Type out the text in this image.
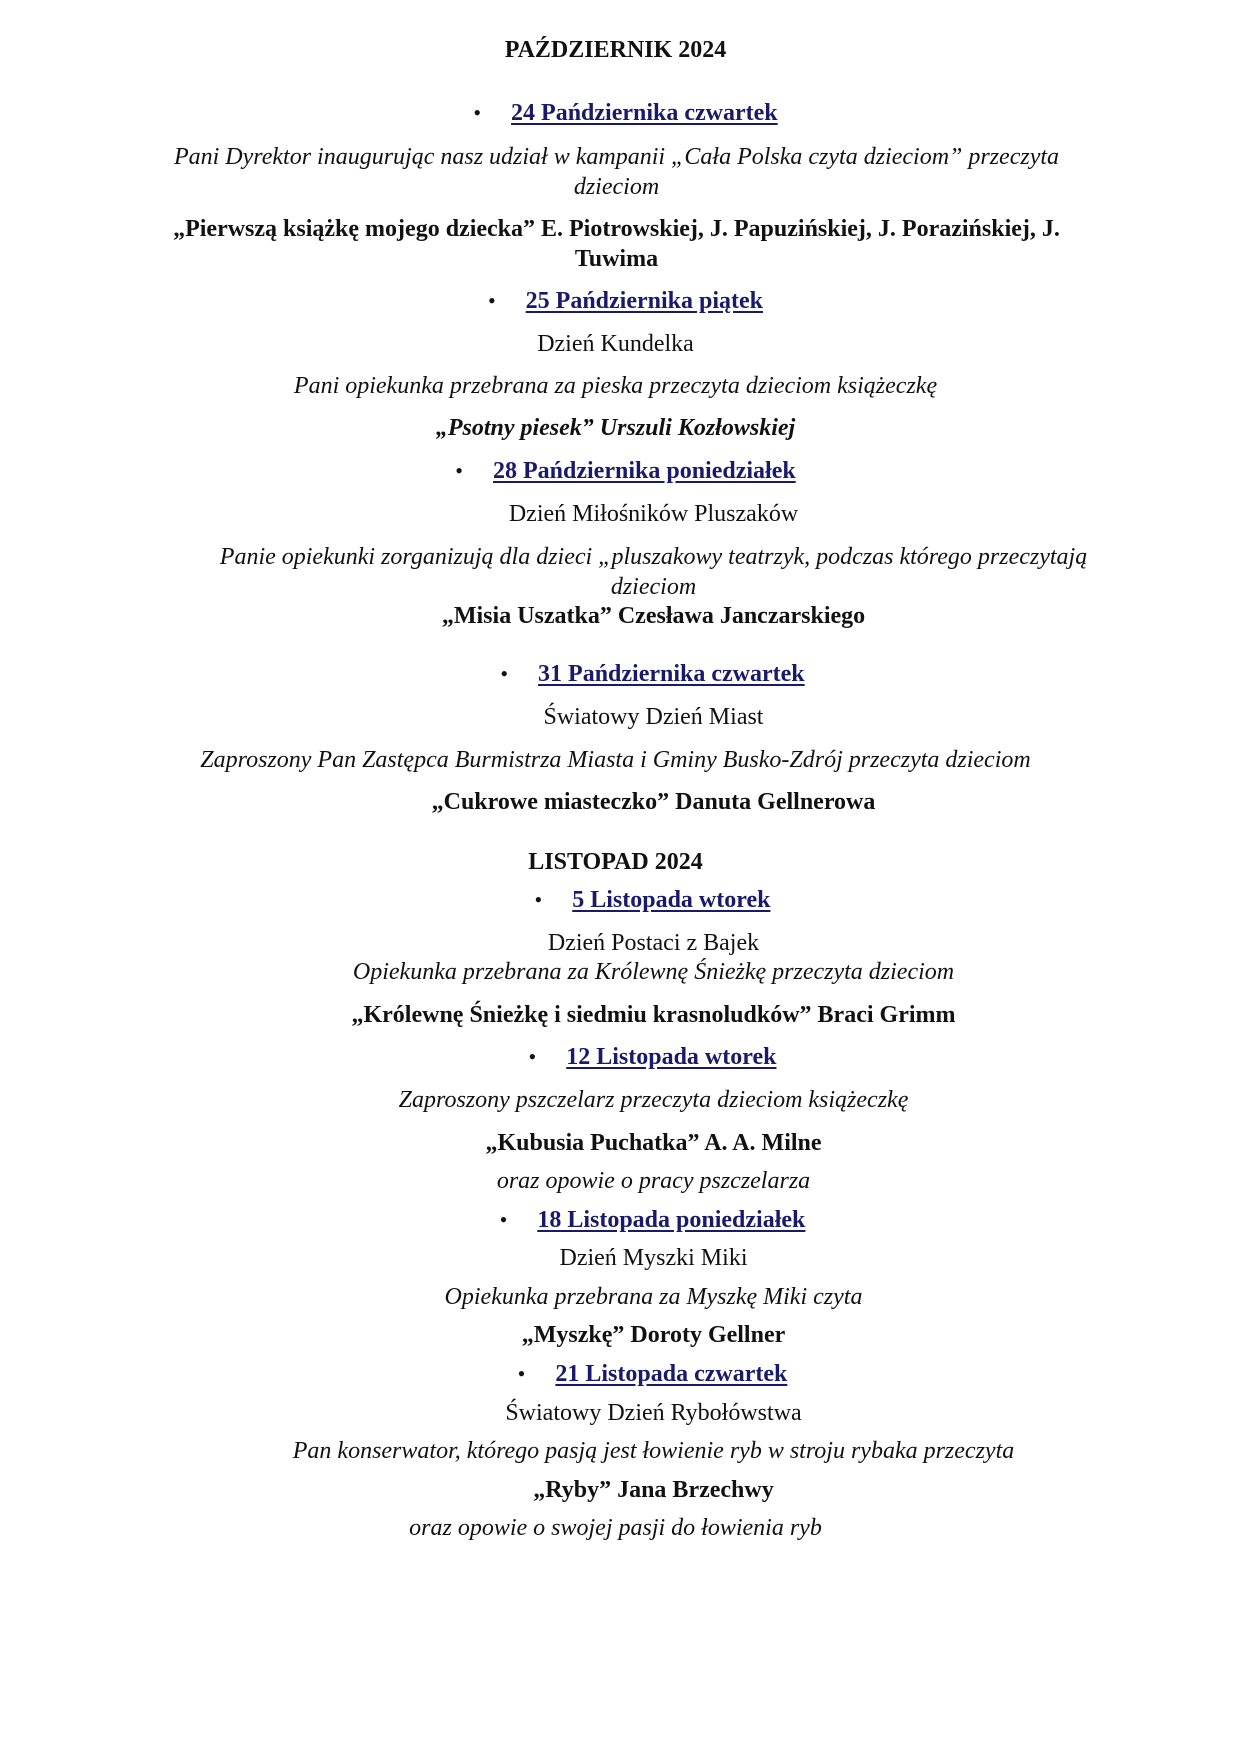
PAŹDZIERNIK 2024
• 24 Pańdziernika czwartek
Pani Dyrektor inaugurując nasz udział w kampanii „Cała Polska czyta dzieciom” przeczyta
dzieciom
„Pierwszą książkę mojego dziecka” E. Piotrowskiej, J. Papuzińskiej, J. Porazińskiej, J.
Tuwima
• 25 Pańdziernika piątek
Dzień Kundelka
Pani opiekunka przebrana za pieska przeczyta dzieciom książeczkę
„Psotny piesek” Urszuli Kozłowskiej
• 28 Pańdziernika poniedziałek
Dzień Miłośników Pluszaków
Panie opiekunki zorganizują dla dzieci „pluszakowy teatrzyk, podczas którego przeczytają
dzieciom
„Misia Uszatka” Czesława Janczarskiego
• 31 Pańdziernika czwartek
Światowy Dzień Miast
Zaproszony Pan Zastępca Burmistrza Miasta i Gminy Busko-Zdrój przeczyta dzieciom
„Cukrowe miasteczko” Danuta Gellnerowa
LISTOPAD 2024
• 5 Listopada wtorek
Dzień Postaci z Bajek
Opiekunka przebrana za Królewnę Śnieżkę przeczyta dzieciom
„Królewnę Śnieżkę i siedmiu krasnoludków” Braci Grimm
• 12 Listopada wtorek
Zaproszony pszczelarz przeczyta dzieciom książeczkę
„Kubusia Puchatka” A. A. Milne
oraz opowie o pracy pszczelarza
• 18 Listopada poniedziałek
Dzień Myszki Miki
Opiekunka przebrana za Myszkę Miki czyta
„Myszkę” Doroty Gellner
• 21 Listopada czwartek
Światowy Dzień Rybołówstwa
Pan konserwator, którego pasją jest łowienie ryb w stroju rybaka przeczyta
„Ryby” Jana Brzechwy
oraz opowie o swojej pasji do łowienia ryb
